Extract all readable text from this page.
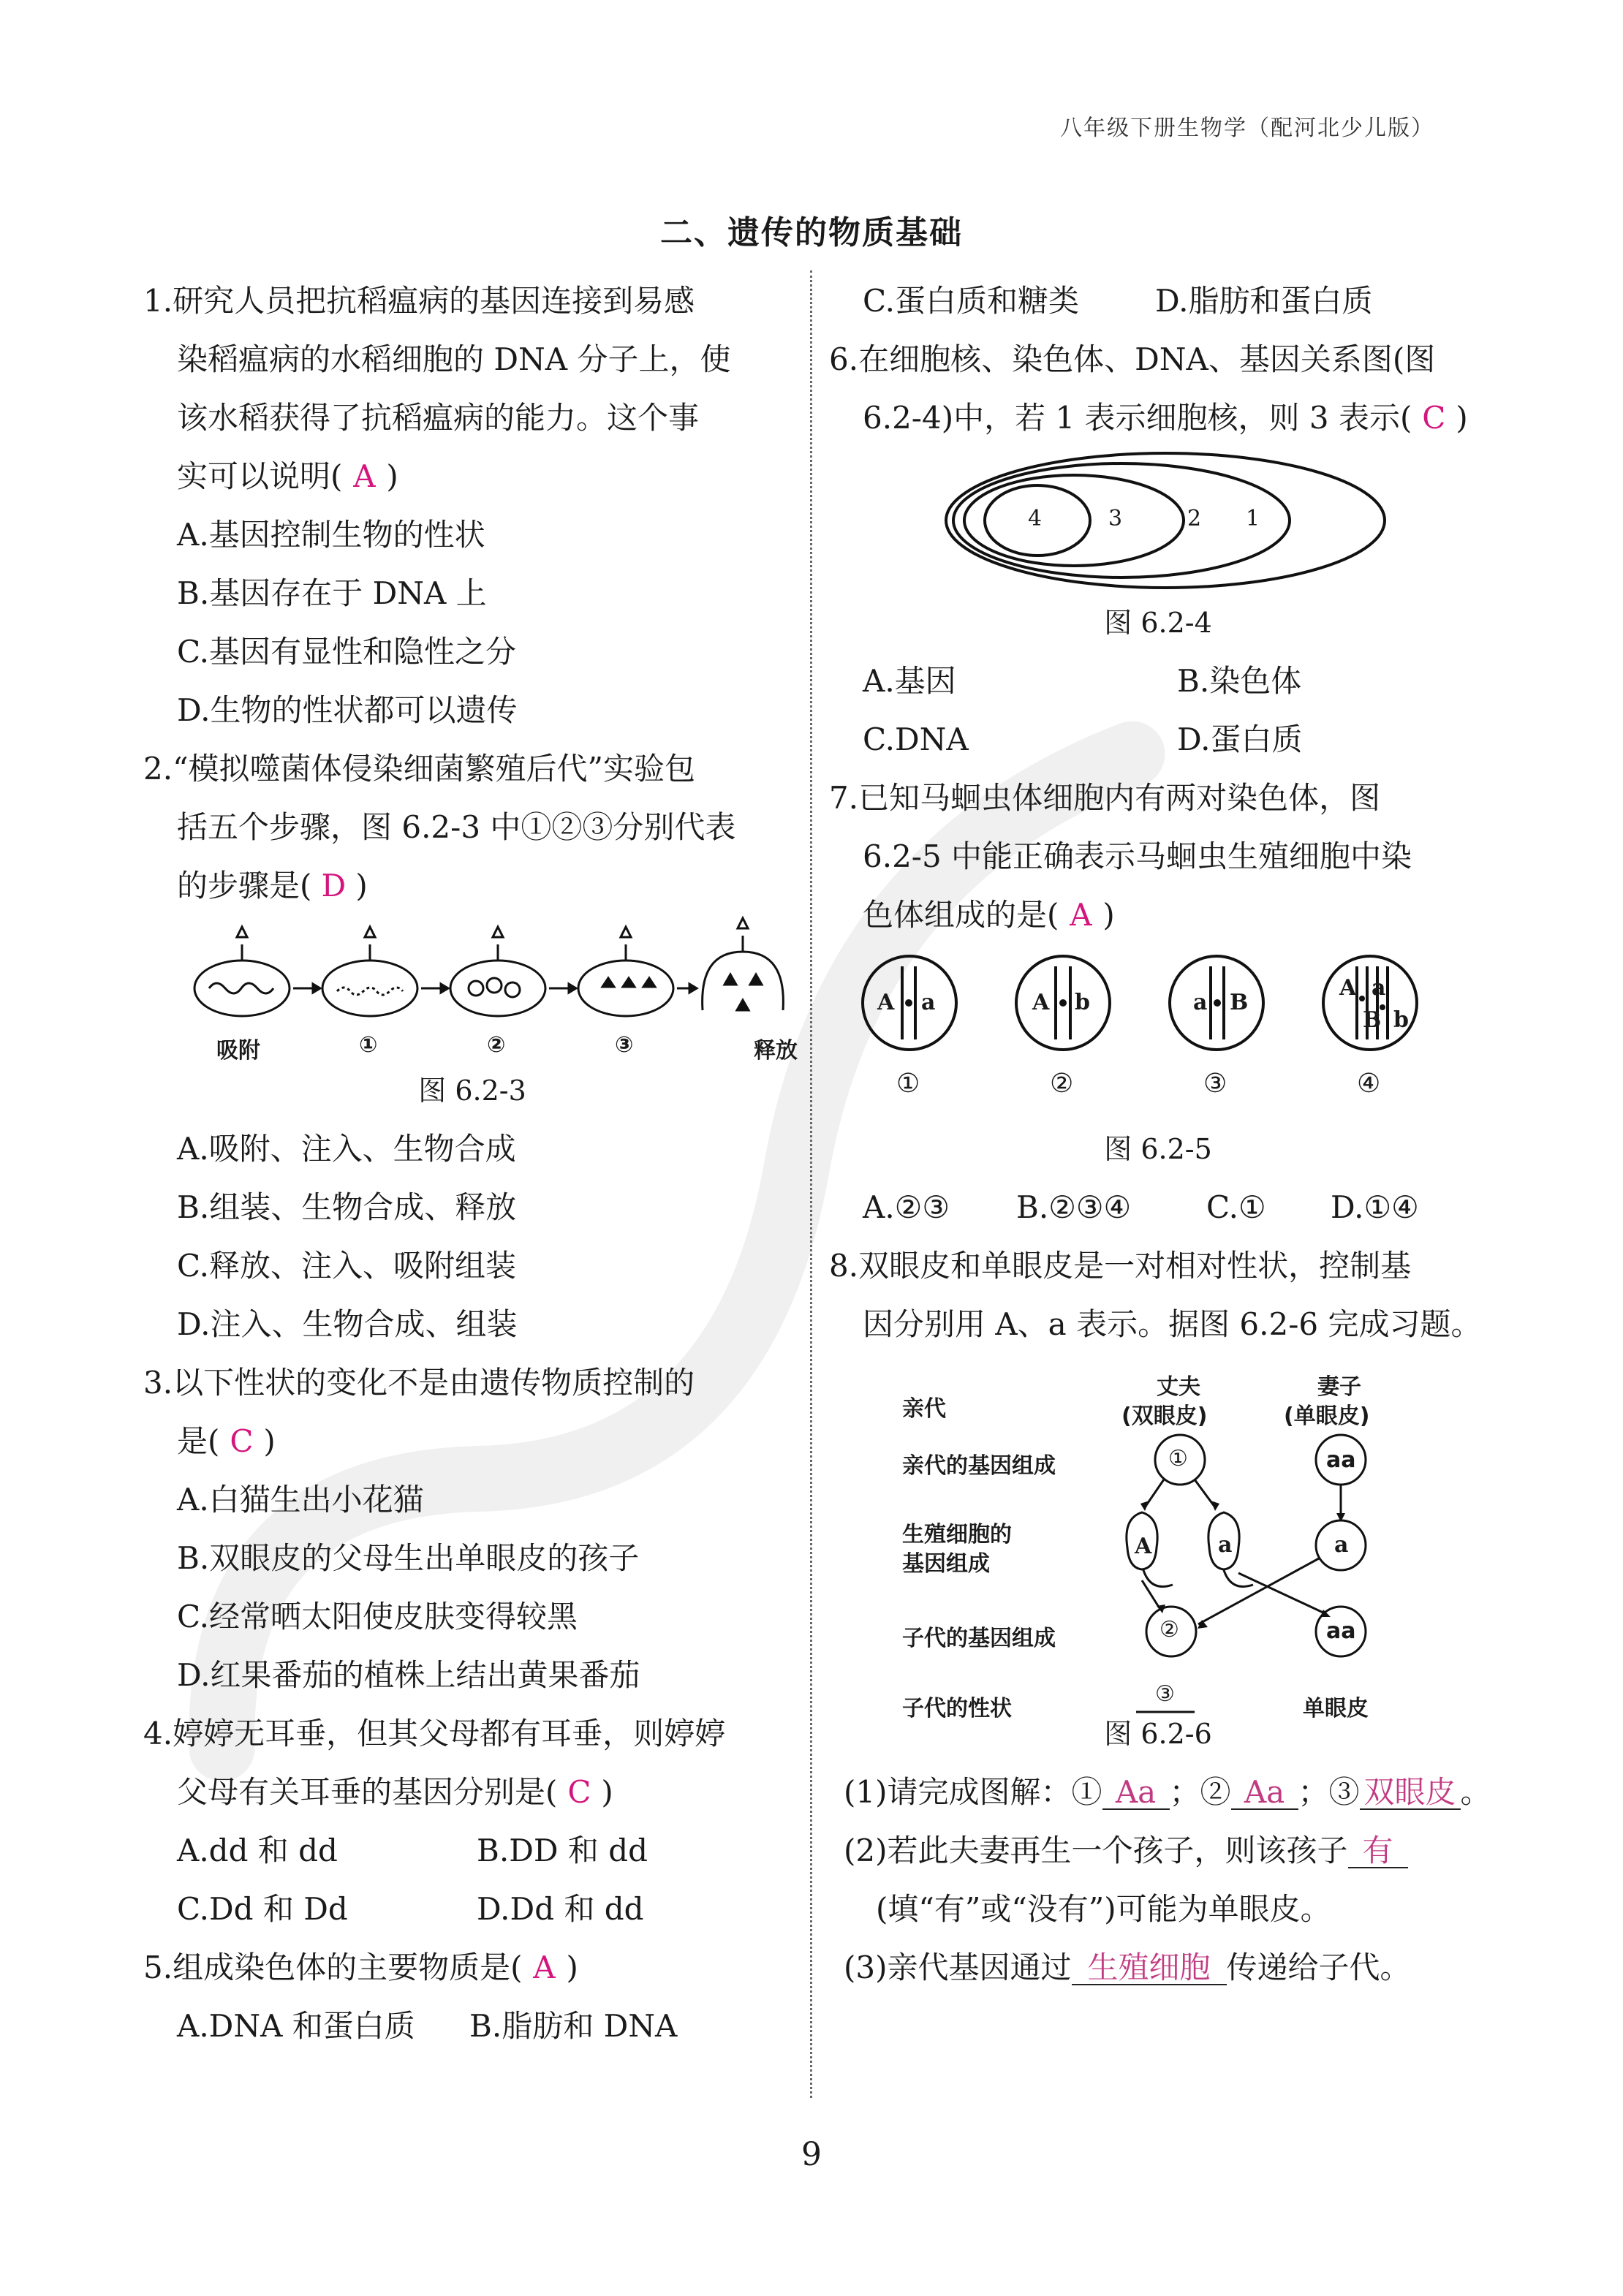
八年级下册生物学（配河北少儿版）
二、遗传的物质基础
1.研究人员把抗稻瘟病的基因连接到易感
染稻瘟病的水稻细胞的 DNA 分子上，使
该水稻获得了抗稻瘟病的能力。这个事
实可以说明( A )
A.基因控制生物的性状
B.基因存在于 DNA 上
C.基因有显性和隐性之分
D.生物的性状都可以遗传
2.“模拟噬菌体侵染细菌繁殖后代”实验包
括五个步骤，图 6.2-3 中①②③分别代表
的步骤是( D )
吸附	①	②	③	释放
图 6.2-3
A.吸附、注入、生物合成
B.组装、生物合成、释放
C.释放、注入、吸附组装
D.注入、生物合成、组装
3.以下性状的变化不是由遗传物质控制的
是( C )
A.白猫生出小花猫
B.双眼皮的父母生出单眼皮的孩子
C.经常晒太阳使皮肤变得较黑
D.红果番茄的植株上结出黄果番茄
4.婷婷无耳垂，但其父母都有耳垂，则婷婷
父母有关耳垂的基因分别是( C )
A.dd 和 dd	B.DD 和 dd
C.Dd 和 Dd	D.Dd 和 dd
5.组成染色体的主要物质是( A )
A.DNA 和蛋白质	B.脂肪和 DNA
C.蛋白质和糖类	D.脂肪和蛋白质
6.在细胞核、染色体、DNA、基因关系图(图
6.2-4)中，若 1 表示细胞核，则 3 表示( C )
4	3	2 1
图 6.2-4
A.基因	B.染色体
C.DNA	D.蛋白质
7.已知马蛔虫体细胞内有两对染色体，图
6.2-5 中能正确表示马蛔虫生殖细胞中染
色体组成的是( A )
A a	A b	a B
A a
B b
①	②	③	④
图 6.2-5
A.②③	B.②③④	C.①	D.①④
8.双眼皮和单眼皮是一对相对性状，控制基
因分别用 A、a 表示。据图 6.2-6 完成习题。
亲代
丈夫
(双眼皮)
妻子
(单眼皮)
亲代的基因组成	①	aa
生殖细胞的
基因组成
A	a	a
子代的基因组成	②	aa
子代的性状
③
单眼皮
图 6.2-6
(1)请完成图解：① Aa ；② Aa ；③ 双眼皮 。
(2)若此夫妻再生一个孩子，则该孩子 有
(填“有”或“没有”)可能为单眼皮。
(3)亲代基因通过 生殖细胞 传递给子代。
9
